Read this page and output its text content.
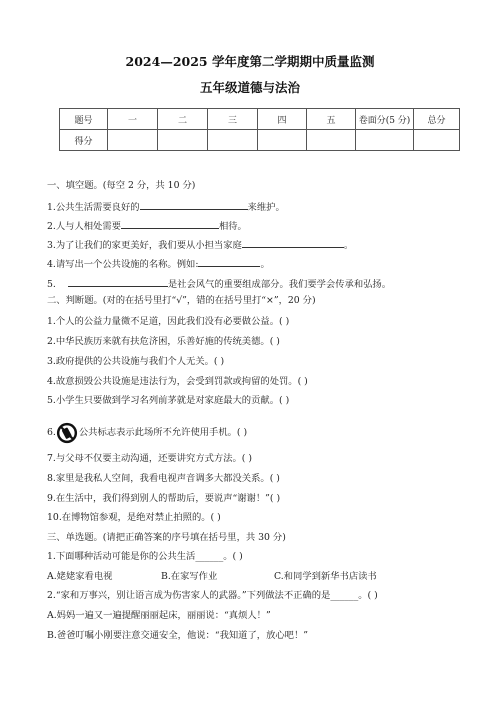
2024—2025 学年度第二学期期中质量监测
五年级道德与法治
题号	一	二	三	四	五	卷面分(5 分)	总分
得分							
一、填空题。(每空 2 分，共 10 分)
1.公共生活需要良好的	来维护。
2.人与人相处需要	相待。
3.为了让我们的家更美好，我们要从小担当家庭	。
4.请写出一个公共设施的名称。例如:	。
5.	是社会风气的重要组成部分。我们要学会传承和弘扬。
二、判断题。(对的在括号里打“√”，错的在括号里打“×”，20 分)
1.个人的公益力量微不足道，因此我们没有必要做公益。( )
2.中华民族历来就有扶危济困，乐善好施的传统美德。( )
3.政府提供的公共设施与我们个人无关。( )
4.故意损毁公共设施是违法行为，会受到罚款或拘留的处罚。( )
5.小学生只要做到学习名列前茅就是对家庭最大的贡献。( )
6. 公共标志表示此场所不允许使用手机。( )
7.与父母不仅要主动沟通，还要讲究方式方法。( )
8.家里是我私人空间，我看电视声音调多大都没关系。( )
9.在生活中，我们得到别人的帮助后，要说声“谢谢！”( )
10.在博物馆参观，是绝对禁止拍照的。( )
三、单选题。(请把正确答案的序号填在括号里，共 30 分)
1.下面哪种活动可能是你的公共生活______。( )
A.姥姥家看电视	B.在家写作业	C.和同学到新华书店读书
2.“家和万事兴，别让语言成为伤害家人的武器。”下列做法不正确的是______。( )
A.妈妈一遍又一遍提醒丽丽起床，丽丽说：“真烦人！”
B.爸爸叮嘱小刚要注意交通安全，他说：“我知道了，放心吧！”
